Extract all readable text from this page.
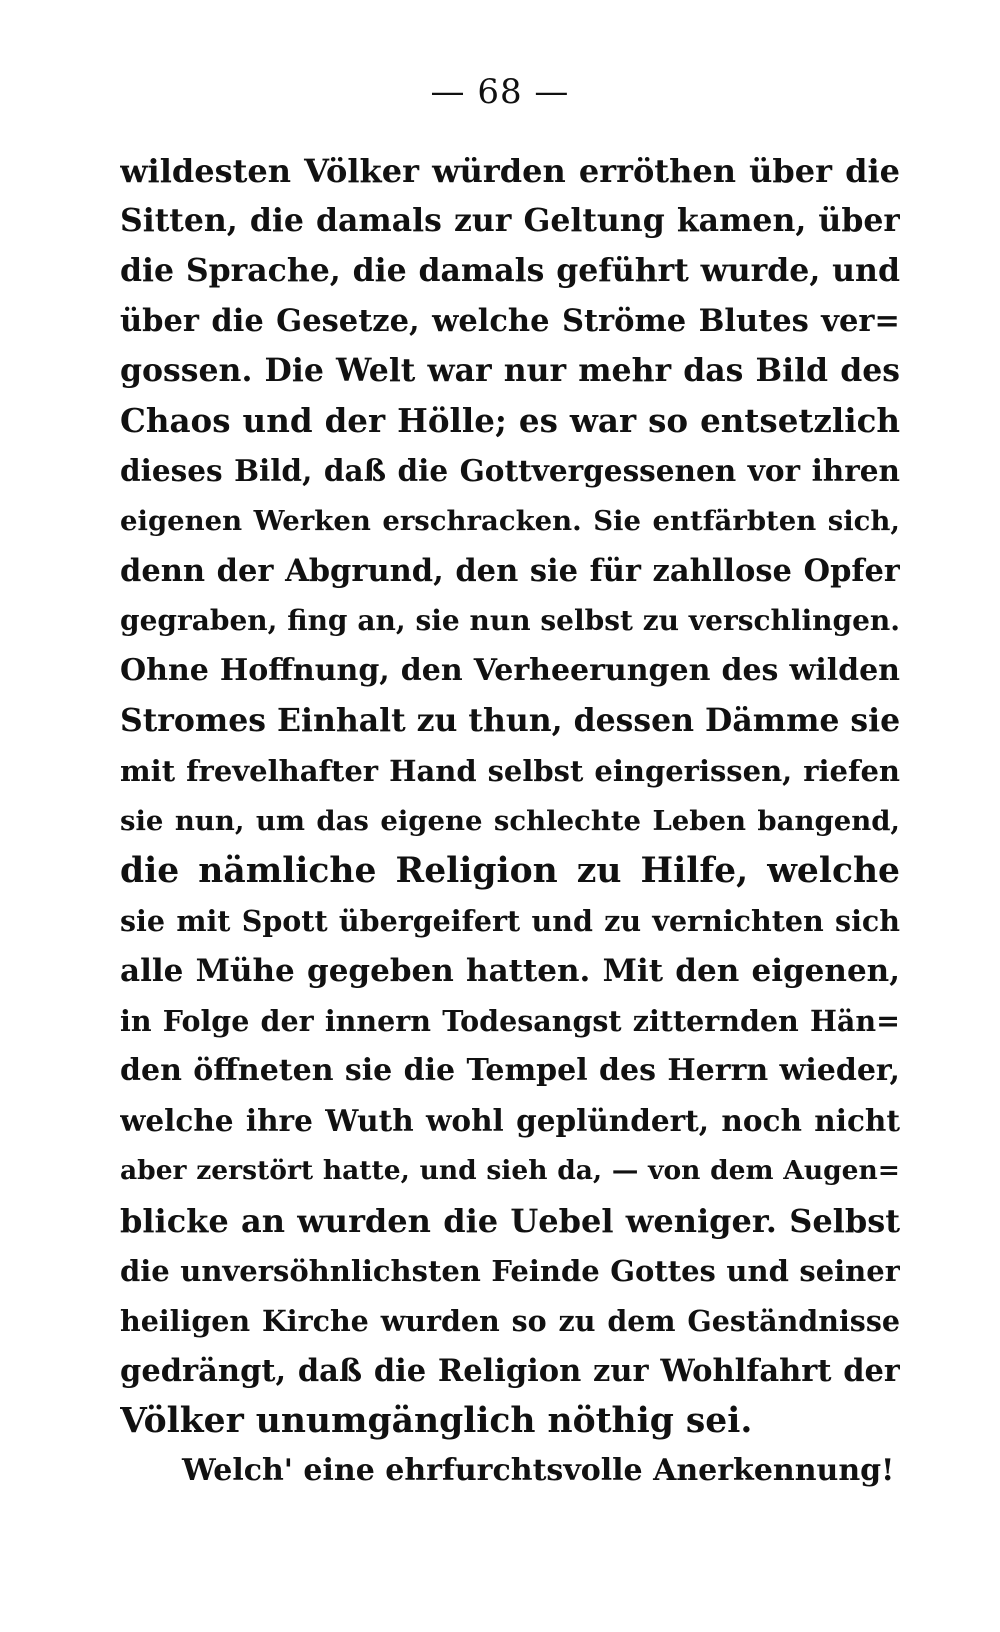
— 68 —
wildesten Völker würden erröthen über die
Sitten, die damals zur Geltung kamen, über
die Sprache, die damals geführt wurde, und
über die Gesetze, welche Ströme Blutes ver=
gossen. Die Welt war nur mehr das Bild des
Chaos und der Hölle; es war so entsetzlich
dieses Bild, daß die Gottvergessenen vor ihren
eigenen Werken erschracken. Sie entfärbten sich,
denn der Abgrund, den sie für zahllose Opfer
gegraben, fing an, sie nun selbst zu verschlingen.
Ohne Hoffnung, den Verheerungen des wilden
Stromes Einhalt zu thun, dessen Dämme sie
mit frevelhafter Hand selbst eingerissen, riefen
sie nun, um das eigene schlechte Leben bangend,
die nämliche Religion zu Hilfe, welche
sie mit Spott übergeifert und zu vernichten sich
alle Mühe gegeben hatten. Mit den eigenen,
in Folge der innern Todesangst zitternden Hän=
den öffneten sie die Tempel des Herrn wieder,
welche ihre Wuth wohl geplündert, noch nicht
aber zerstört hatte, und sieh da, — von dem Augen=
blicke an wurden die Uebel weniger. Selbst
die unversöhnlichsten Feinde Gottes und seiner
heiligen Kirche wurden so zu dem Geständnisse
gedrängt, daß die Religion zur Wohlfahrt der
Völker unumgänglich nöthig sei.
Welch' eine ehrfurchtsvolle Anerkennung!
